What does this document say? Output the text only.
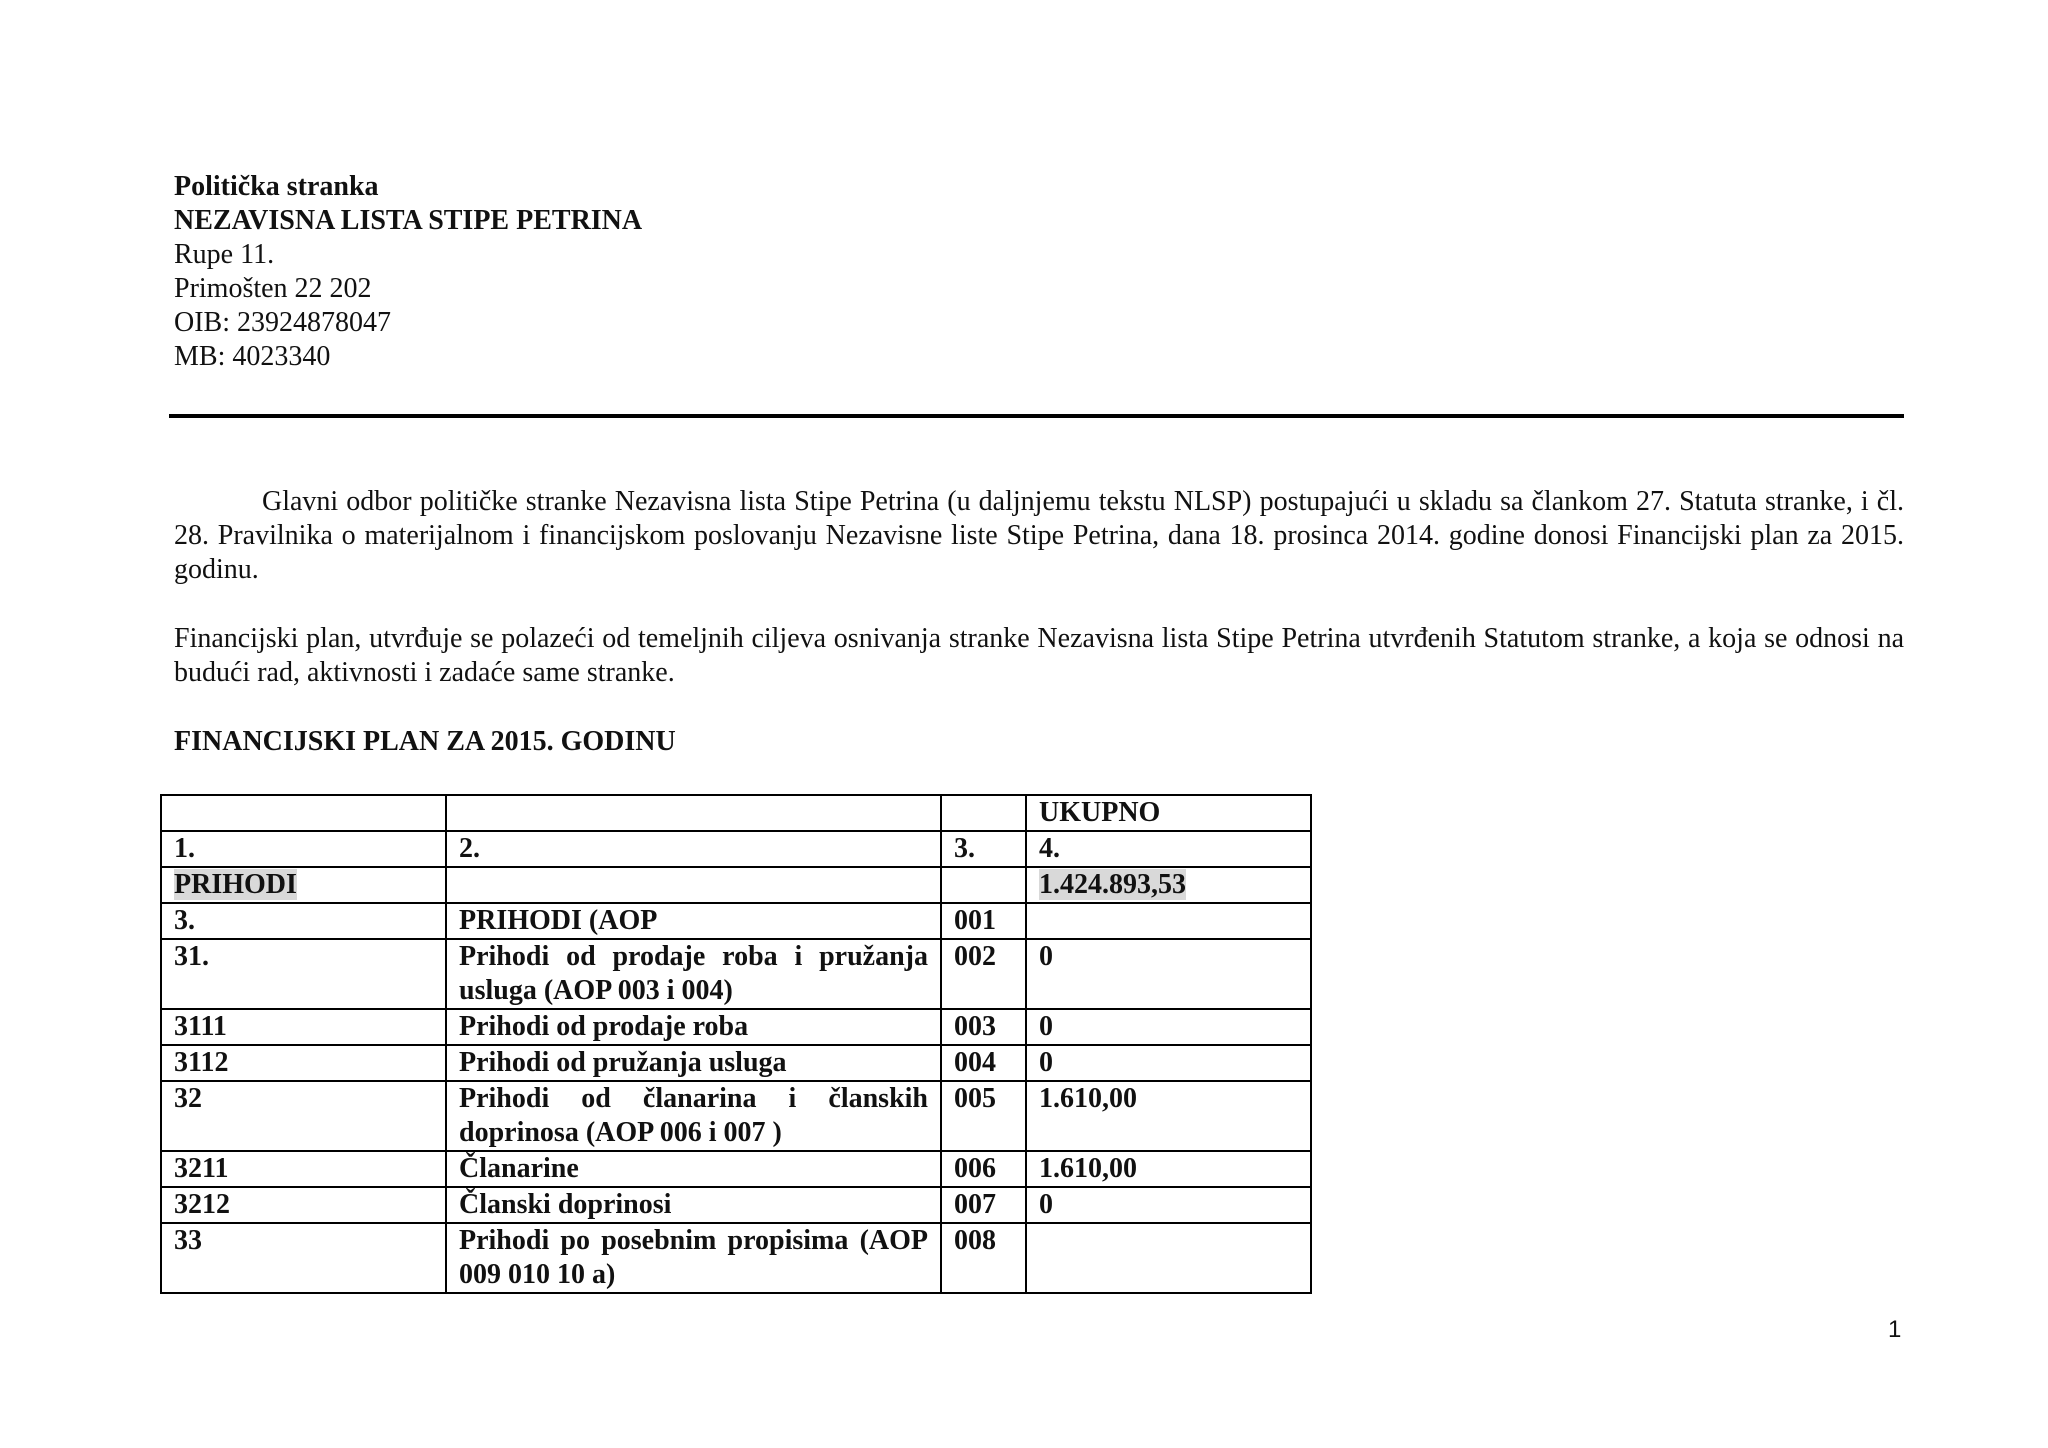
Politička stranka
NEZAVISNA LISTA STIPE PETRINA
Rupe 11.
Primošten 22 202
OIB: 23924878047
MB: 4023340
Glavni odbor političke stranke Nezavisna lista Stipe Petrina (u daljnjemu tekstu NLSP) postupajući u skladu sa člankom 27. Statuta stranke, i čl. 28. Pravilnika o materijalnom i financijskom poslovanju Nezavisne liste Stipe Petrina, dana 18. prosinca 2014. godine donosi Financijski plan za 2015. godinu.
Financijski plan, utvrđuje se polazeći od temeljnih ciljeva osnivanja stranke Nezavisna lista Stipe Petrina utvrđenih Statutom stranke, a koja se odnosi na budući rad, aktivnosti i zadaće same stranke.
FINANCIJSKI PLAN ZA 2015. GODINU
			UKUPNO
1.	2.	3.	4.
PRIHODI			1.424.893,53
3.	PRIHODI (AOP	001	
31.	Prihodi od prodaje roba i pružanja usluga (AOP 003 i 004)	002	0
3111	Prihodi od prodaje roba	003	0
3112	Prihodi od pružanja usluga	004	0
32	Prihodi od članarina i članskih doprinosa (AOP 006 i 007 )	005	1.610,00
3211	Članarine	006	1.610,00
3212	Članski doprinosi	007	0
33	Prihodi po posebnim propisima (AOP 009 010 10 a)	008	
1
